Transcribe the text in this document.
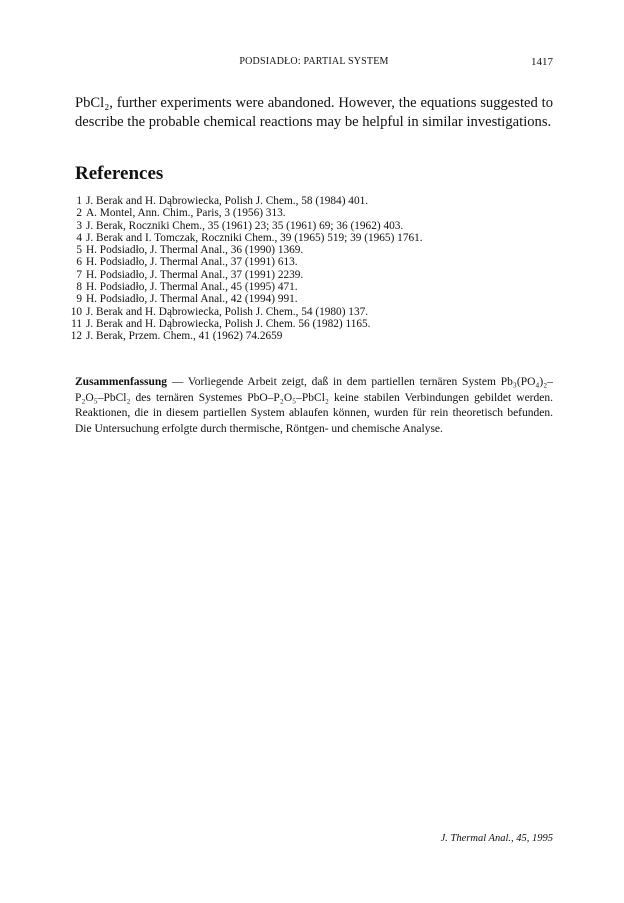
PODSIADŁO: PARTIAL SYSTEM	1417

PbCl₂, further experiments were abandoned. However, the equations suggested to describe the probable chemical reactions may be helpful in similar investigations.

References
1 J. Berak and H. Dąbrowiecka, Polish J. Chem., 58 (1984) 401.
2 A. Montel, Ann. Chim., Paris, 3 (1956) 313.
3 J. Berak, Roczniki Chem., 35 (1961) 23; 35 (1961) 69; 36 (1962) 403.
4 J. Berak and I. Tomczak, Roczniki Chem., 39 (1965) 519; 39 (1965) 1761.
5 H. Podsiadło, J. Thermal Anal., 36 (1990) 1369.
6 H. Podsiadło, J. Thermal Anal., 37 (1991) 613.
7 H. Podsiadło, J. Thermal Anal., 37 (1991) 2239.
8 H. Podsiadło, J. Thermal Anal., 45 (1995) 471.
9 H. Podsiadło, J. Thermal Anal., 42 (1994) 991.
10 J. Berak and H. Dąbrowiecka, Polish J. Chem., 54 (1980) 137.
11 J. Berak and H. Dąbrowiecka, Polish J. Chem. 56 (1982) 1165.
12 J. Berak, Przem. Chem., 41 (1962) 74.2659

Zusammenfassung — Vorliegende Arbeit zeigt, daß in dem partiellen ternären System Pb₃(PO₄)₂–P₂O₅–PbCl₂ des ternären Systemes PbO–P₂O₅–PbCl₂ keine stabilen Verbindungen gebildet werden. Reaktionen, die in diesem partiellen System ablaufen können, wurden für rein theoretisch befunden. Die Untersuchung erfolgte durch thermische, Röntgen- und chemische Analyse.

J. Thermal Anal., 45, 1995
